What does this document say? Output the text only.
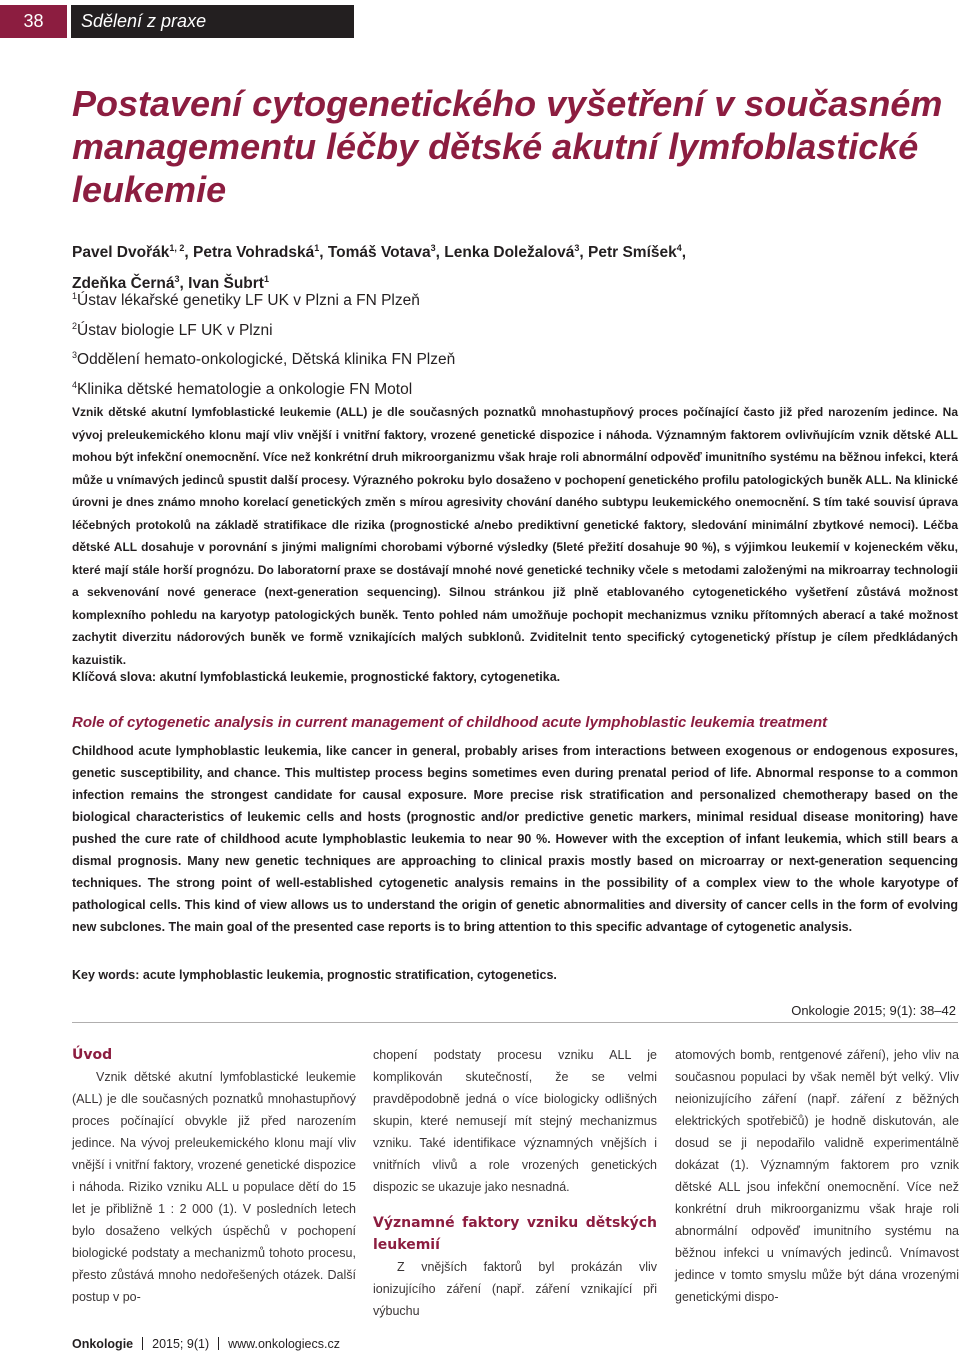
38	Sdělení z praxe
Postavení cytogenetického vyšetření v současném managementu léčby dětské akutní lymfoblastické leukemie
Pavel Dvořák$^{1, 2}$, Petra Vohradská$^1$, Tomáš Votava$^3$, Lenka Doležalová$^3$, Petr Smíšek$^4$,
Zdeňka Černá$^3$, Ivan Šubrt$^1$
$^1$Ústav lékařské genetiky LF UK v Plzni a FN Plzeň
$^2$Ústav biologie LF UK v Plzni
$^3$Oddělení hemato-onkologické, Dětská klinika FN Plzeň
$^4$Klinika dětské hematologie a onkologie FN Motol

Vznik dětské akutní lymfoblastické leukemie (ALL) je dle současných poznatků mnohastupňový proces počínající často již před narozením jedince. Na vývoj preleukemického klonu mají vliv vnější i vnitřní faktory, vrozené genetické dispozice i náhoda. Významným faktorem ovlivňujícím vznik dětské ALL mohou být infekční onemocnění. Více než konkrétní druh mikroorganizmu však hraje roli abnormální odpověď imunitního systému na běžnou infekci, která může u vnímavých jedinců spustit další procesy. Výrazného pokroku bylo dosaženo v pochopení genetického profilu patologických buněk ALL. Na klinické úrovni je dnes známo mnoho korelací genetických změn s mírou agresivity chování daného subtypu leukemického onemocnění. S tím také souvisí úprava léčebných protokolů na základě stratifikace dle rizika (prognostické a/nebo prediktivní genetické faktory, sledování minimální zbytkové nemoci). Léčba dětské ALL dosahuje v porovnání s jinými maligními chorobami výborné výsledky (5leté přežití dosahuje 90 %), s výjimkou leukemií v kojeneckém věku, které mají stále horší prognózu. Do laboratorní praxe se dostávají mnohé nové genetické techniky včele s metodami založenými na mikroarray technologii a sekvenování nové generace (next-generation sequencing). Silnou stránkou již plně etablovaného cytogenetického vyšetření zůstává možnost komplexního pohledu na karyotyp patologických buněk. Tento pohled nám umožňuje pochopit mechanizmus vzniku přítomných aberací a také možnost zachytit diverzitu nádorových buněk ve formě vznikajících malých subklonů. Zviditelnit tento specifický cytogenetický přístup je cílem předkládaných kazuistik.

Klíčová slova: akutní lymfoblastická leukemie, prognostické faktory, cytogenetika.

Role of cytogenetic analysis in current management of childhood acute lymphoblastic leukemia treatment

Childhood acute lymphoblastic leukemia, like cancer in general, probably arises from interactions between exogenous or endogenous exposures, genetic susceptibility, and chance. This multistep process begins sometimes even during prenatal period of life. Abnormal response to a common infection remains the strongest candidate for causal exposure. More precise risk stratification and personalized chemotherapy based on the biological characteristics of leukemic cells and hosts (prognostic and/or predictive genetic markers, minimal residual disease monitoring) have pushed the cure rate of childhood acute lymphoblastic leukemia to near 90 %. However with the exception of infant leukemia, which still bears a dismal prognosis. Many new genetic techniques are approaching to clinical praxis mostly based on microarray or next-generation sequencing techniques. The strong point of well-established cytogenetic analysis remains in the possibility of a complex view to the whole karyotype of pathological cells. This kind of view allows us to understand the origin of genetic abnormalities and diversity of cancer cells in the form of evolving new subclones. The main goal of the presented case reports is to bring attention to this specific advantage of cytogenetic analysis.

Key words: acute lymphoblastic leukemia, prognostic stratification, cytogenetics.

Onkologie 2015; 9(1): 38–42
Úvod

Vznik dětské akutní lymfoblastické leukemie (ALL) je dle současných poznatků mnohastupňový proces počínající obvykle již před narozením jedince. Na vývoj preleukemického klonu mají vliv vnější i vnitřní faktory, vrozené genetické dispozice i náhoda. Riziko vzniku ALL u populace dětí do 15 let je přibližně 1 : 2 000 (1). V posledních letech bylo dosaženo velkých úspěchů v pochopení biologické podstaty a mechanizmů tohoto procesu, přesto zůstává mnoho nedořešených otázek. Další postup v po-

chopení podstaty procesu vzniku ALL je komplikován skutečností, že se velmi pravděpodobně jedná o více biologicky odlišných skupin, které nemusejí mít stejný mechanizmus vzniku. Také identifikace významných vnějších i vnitřních vlivů a role vrozených genetických dispozic se ukazuje jako nesnadná.

Významné faktory vzniku dětských leukemií

Z vnějších faktorů byl prokázán vliv ionizujícího záření (např. záření vznikající při výbuchu

atomových bomb, rentgenové záření), jeho vliv na současnou populaci by však neměl být velký. Vliv neionizujícího záření (např. záření z běžných elektrických spotřebičů) je hodně diskutován, ale dosud se ji nepodařilo validně experimentálně dokázat (1). Významným faktorem pro vznik dětské ALL jsou infekční onemocnění. Více než konkrétní druh mikroorganizmu však hraje roli abnormální odpověď imunitního systému na běžnou infekci u vnímavých jedinců. Vnímavost jedince v tomto smyslu může být dána vrozenými genetickými dispo-

Onkologie 2015; 9(1) www.onkologiecs.cz
